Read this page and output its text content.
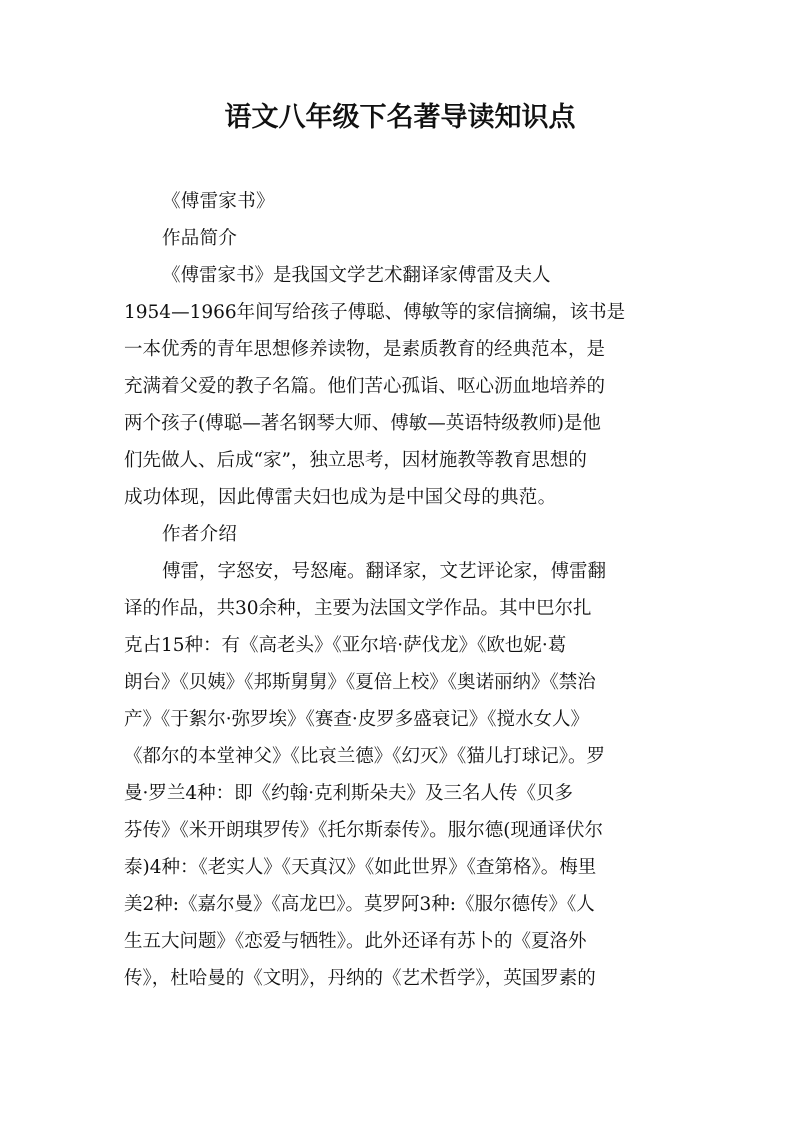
语文八年级下名著导读知识点
《傅雷家书》
作品简介
《傅雷家书》是我国文学艺术翻译家傅雷及夫人
1954—1966年间写给孩子傅聪、傅敏等的家信摘编，该书是
一本优秀的青年思想修养读物，是素质教育的经典范本，是
充满着父爱的教子名篇。他们苦心孤诣、呕心沥血地培养的
两个孩子(傅聪—著名钢琴大师、傅敏—英语特级教师)是他
们先做人、后成“家”，独立思考，因材施教等教育思想的
成功体现，因此傅雷夫妇也成为是中国父母的典范。
作者介绍
傅雷，字怒安，号怒庵。翻译家，文艺评论家，傅雷翻
译的作品，共30余种，主要为法国文学作品。其中巴尔扎
克占15种：有《高老头》《亚尔培·萨伐龙》《欧也妮·葛
朗台》《贝姨》《邦斯舅舅》《夏倍上校》《奥诺丽纳》《禁治
产》《于絮尔·弥罗埃》《赛查·皮罗多盛衰记》《搅水女人》
《都尔的本堂神父》《比哀兰德》《幻灭》《猫儿打球记》。罗
曼·罗兰4种：即《约翰·克利斯朵夫》及三名人传《贝多
芬传》《米开朗琪罗传》《托尔斯泰传》。服尔德(现通译伏尔
泰)4种：《老实人》《天真汉》《如此世界》《查第格》。梅里
美2种:《嘉尔曼》《高龙巴》。莫罗阿3种:《服尔德传》《人
生五大问题》《恋爱与牺牲》。此外还译有苏卜的《夏洛外
传》，杜哈曼的《文明》，丹纳的《艺术哲学》，英国罗素的
